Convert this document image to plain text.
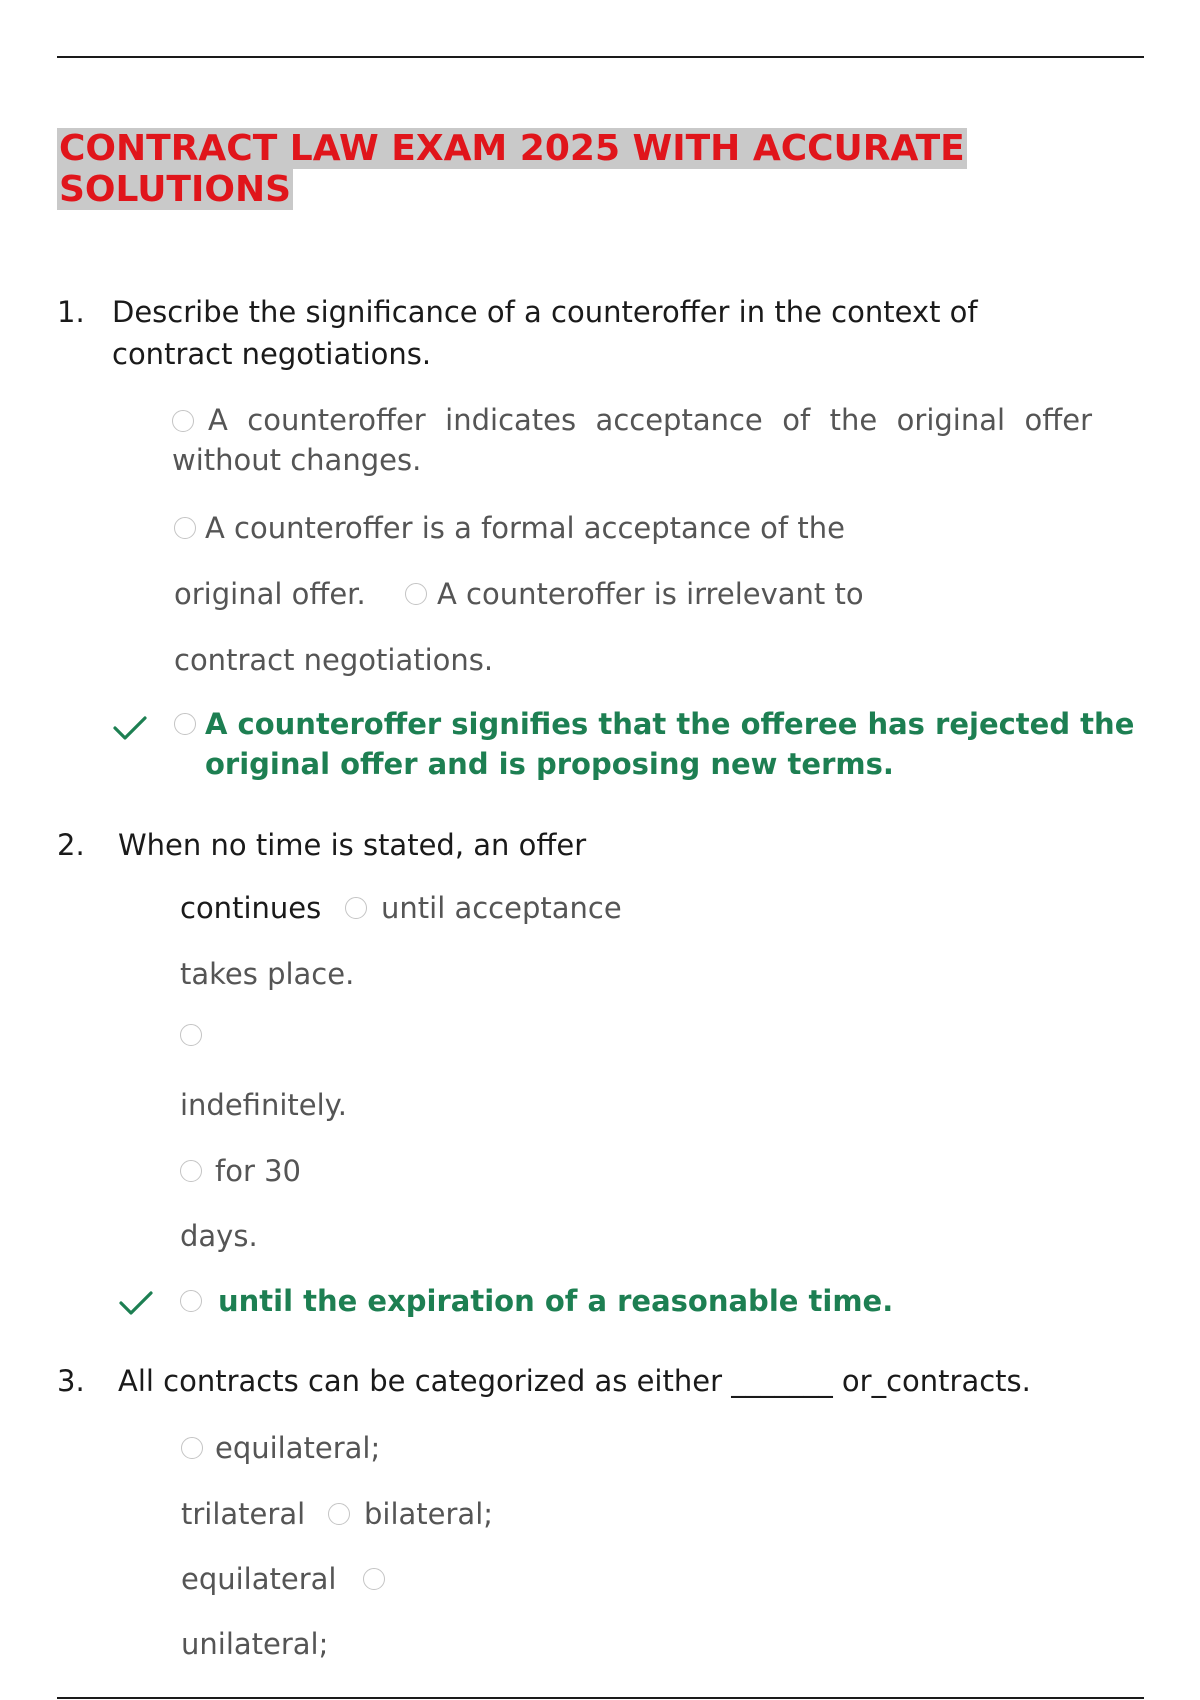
CONTRACT LAW EXAM 2025 WITH ACCURATE SOLUTIONS
1. Describe the significance of a counteroffer in the context of contract negotiations.
A counteroffer indicates acceptance of the original offer without changes.
A counteroffer is a formal acceptance of the
original offer. A counteroffer is irrelevant to
contract negotiations.
A counteroffer signifies that the offeree has rejected the original offer and is proposing new terms.
2.	When no time is stated, an offer
continues until acceptance
takes place.
indefinitely.
for 30
days.
until the expiration of a reasonable time.
3.	All contracts can be categorized as either _______ or_contracts.
equilateral;
trilateral bilateral;
equilateral
unilateral;
